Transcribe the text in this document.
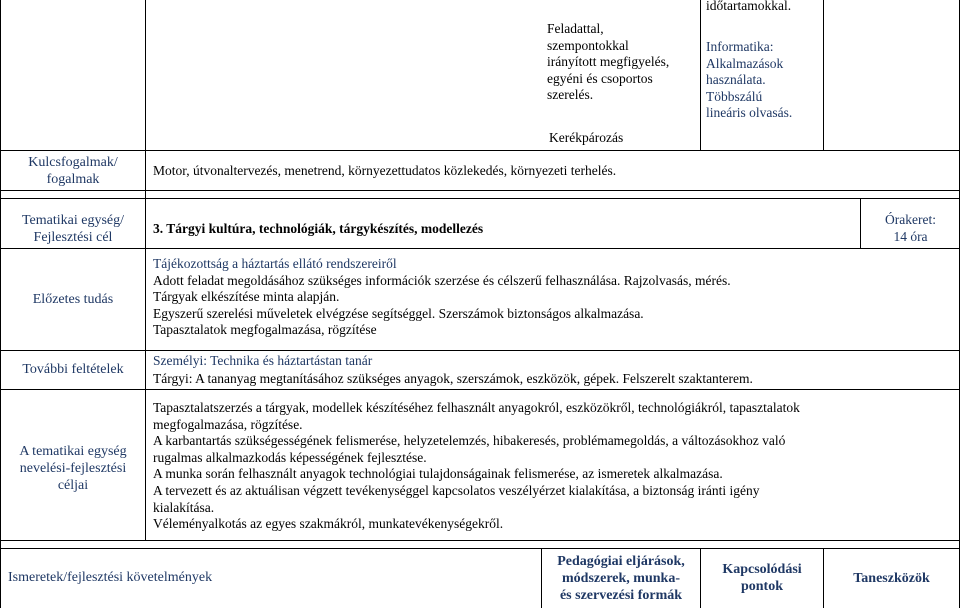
Feladattal,
szempontokkal
irányított megfigyelés,
egyéni és csoportos
szerelés.
Kerékpározás
időtartamokkal.
Informatika:
Alkalmazások
használata.
Többszálú
lineáris olvasás.
Kulcsfogalmak/ fogalmak
Motor, útvonaltervezés, menetrend, környezettudatos közlekedés, környezeti terhelés.
Tematikai egység/ Fejlesztési cél
3. Tárgyi kultúra, technológiák, tárgykészítés, modellezés
Órakeret:
14 óra
Előzetes tudás
Tájékozottság a háztartás ellátó rendszereiről
Adott feladat megoldásához szükséges információk szerzése és célszerű felhasználása. Rajzolvasás, mérés.
Tárgyak elkészítése minta alapján.
Egyszerű szerelési műveletek elvégzése segítséggel. Szerszámok biztonságos alkalmazása.
Tapasztalatok megfogalmazása, rögzítése
További feltételek
Személyi: Technika és háztartástan tanár
Tárgyi: A tananyag megtanításához szükséges anyagok, szerszámok, eszközök, gépek. Felszerelt szaktanterem.
A tematikai egység nevelési-fejlesztési céljai
Tapasztalatszerzés a tárgyak, modellek készítéséhez felhasznált anyagokról, eszközökről, technológiákról, tapasztalatok
megfogalmazása, rögzítése.
A karbantartás szükségességének felismerése, helyzetelemzés, hibakeresés, problémamegoldás, a változásokhoz való
rugalmas alkalmazkodás képességének fejlesztése.
A munka során felhasznált anyagok technológiai tulajdonságainak felismerése, az ismeretek alkalmazása.
A tervezett és az aktuálisan végzett tevékenységgel kapcsolatos veszélyérzet kialakítása, a biztonság iránti igény
kialakítása.
Véleményalkotás az egyes szakmákról, munkatevékenységekről.
Ismeretek/fejlesztési követelmények
Pedagógiai eljárások,
módszerek, munka-
és szervezési formák
Kapcsolódási
pontok
Taneszközök
